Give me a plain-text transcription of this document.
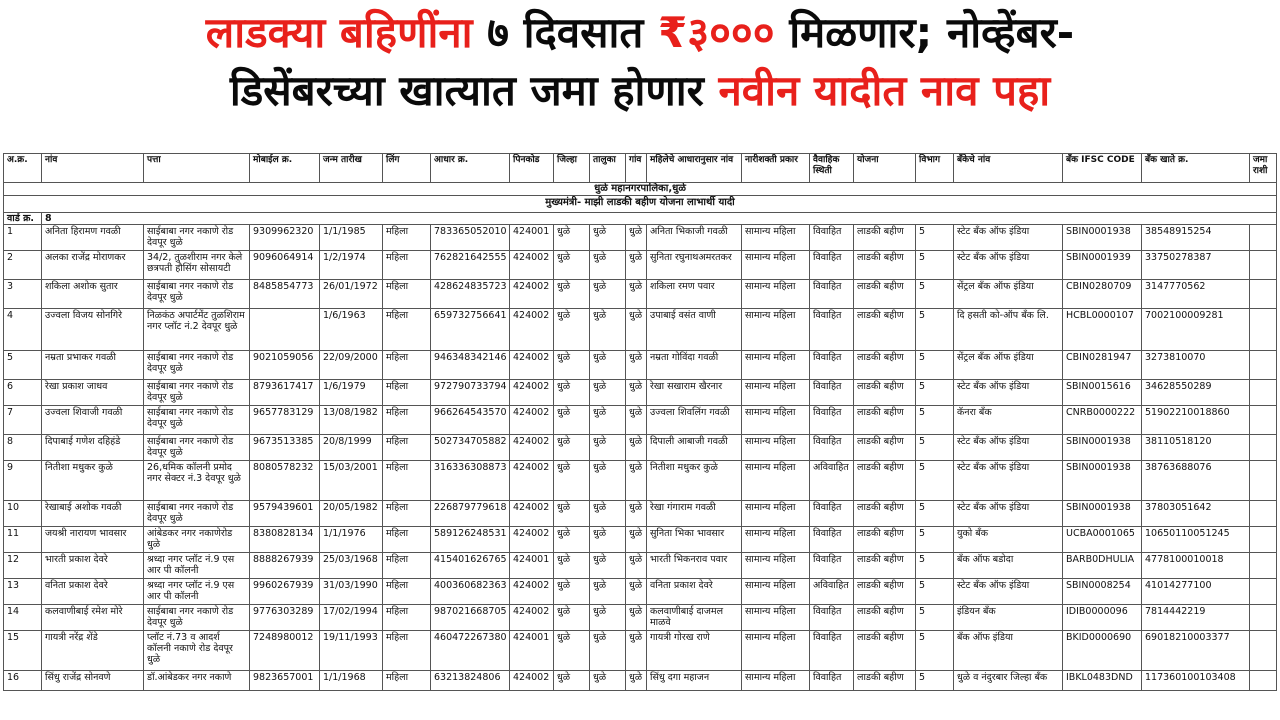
लाडक्या बहिणींना ७ दिवसात ₹३००० मिळणार; नोव्हेंबर-
डिसेंबरच्या खात्यात जमा होणार नवीन यादीत नाव पहा
धुळे महानगरपालिका,धुळे																			
मुख्यमंत्री- माझी लाडकी बहीण योजना लाभार्थी यादी																			
वार्ड क्र.	8																		
अ.क्र.	नांव	पत्ता	मोबाईल क्र.	जन्म तारीख	लिंग	आधार क्र.	पिनकोड	जिल्हा	तालुका	गांव	महिलेचे आधारानुसार नांव	नारीशक्ती प्रकार	वैवाहिक स्थिती	योजना	विभाग	बँकेचे नांव	बँक IFSC CODE	बँक खाते क्र.	जमा राशी
1	अनिता हिरामण गवळी	साईबाबा नगर नकाणे रोड देवपूर धुळे	9309962320	1/1/1985	महिला	783365052010	424001	धुळे	धुळे	धुळे	अनिता भिकाजी गवळी	सामान्य महिला	विवाहित	लाडकी बहीण	5	स्टेट बँक ऑफ इंडिया	SBIN0001938	38548915254	
2	अलका राजेंद्र मोराणकर	34/2, तुळशीराम नगर केले छत्रपती हौसिंग सोसायटी	9096064914	1/2/1974	महिला	762821642555	424002	धुळे	धुळे	धुळे	सुनिता रघुनाथअमरतकर	सामान्य महिला	विवाहित	लाडकी बहीण	5	स्टेट बँक ऑफ इंडिया	SBIN0001939	33750278387	
3	शकिला अशोक सुतार	साईबाबा नगर नकाणे रोड देवपूर धुळे	8485854773	26/01/1972	महिला	428624835723	424002	धुळे	धुळे	धुळे	शकिला रमण पवार	सामान्य महिला	विवाहित	लाडकी बहीण	5	सेंट्रल बँक ऑफ इंडिया	CBIN0280709	3147770562	
4	उज्वला विजय सोनगिरे	निळकंठ अपार्टमेंट तुळशिराम नगर प्लॉट नं.2 देवपूर धुळे		1/6/1963	महिला	659732756641	424002	धुळे	धुळे	धुळे	उपाबाई वसंत वाणी	सामान्य महिला	विवाहित	लाडकी बहीण	5	दि हसती को-ऑप बँक लि.	HCBL0000107	7002100009281	
5	नम्रता प्रभाकर गवळी	साईबाबा नगर नकाणे रोड देवपूर धुळे	9021059056	22/09/2000	महिला	946348342146	424002	धुळे	धुळे	धुळे	नम्रता गोविंदा गवळी	सामान्य महिला	विवाहित	लाडकी बहीण	5	सेंट्रल बँक ऑफ इंडिया	CBIN0281947	3273810070	
6	रेखा प्रकाश जाधव	साईबाबा नगर नकाणे रोड देवपूर धुळे	8793617417	1/6/1979	महिला	972790733794	424002	धुळे	धुळे	धुळे	रेखा सखाराम खैरनार	सामान्य महिला	विवाहित	लाडकी बहीण	5	स्टेट बँक ऑफ इंडिया	SBIN0015616	34628550289	
7	उज्वला शिवाजी गवळी	साईबाबा नगर नकाणे रोड देवपूर धुळे	9657783129	13/08/1982	महिला	966264543570	424002	धुळे	धुळे	धुळे	उज्वला शिवलिंग गवळी	सामान्य महिला	विवाहित	लाडकी बहीण	5	कॅनरा बँक	CNRB0000222	51902210018860	
8	दिपाबाई गणेश दहिहंडे	साईबाबा नगर नकाणे रोड देवपूर धुळे	9673513385	20/8/1999	महिला	502734705882	424002	धुळे	धुळे	धुळे	दिपाली आबाजी गवळी	सामान्य महिला	विवाहित	लाडकी बहीण	5	स्टेट बँक ऑफ इंडिया	SBIN0001938	38110518120	
9	नितीशा मधुकर कुळे	26,धमिक कॉलनी प्रमोद नगर सेक्टर नं.3 देवपूर धुळे	8080578232	15/03/2001	महिला	316336308873	424002	धुळे	धुळे	धुळे	नितीशा मधुकर कुळे	सामान्य महिला	अविवाहित	लाडकी बहीण	5	स्टेट बँक ऑफ इंडिया	SBIN0001938	38763688076	
10	रेखाबाई अशोक गवळी	साईबाबा नगर नकाणे रोड देवपूर धुळे	9579439601	20/05/1982	महिला	226879779618	424002	धुळे	धुळे	धुळे	रेखा गंगाराम गवळी	सामान्य महिला	विवाहित	लाडकी बहीण	5	स्टेट बँक ऑफ इंडिया	SBIN0001938	37803051642	
11	जयश्री नारायण भावसार	आंबेडकर नगर नकाणेरोड धुळे	8380828134	1/1/1976	महिला	589126248531	424002	धुळे	धुळे	धुळे	सुनिता भिका भावसार	सामान्य महिला	विवाहित	लाडकी बहीण	5	युको बँक	UCBA0001065	10650110051245	
12	भारती प्रकाश देवरे	श्रध्दा नगर प्लॉट नं.9 एस आर पी कॉलनी	8888267939	25/03/1968	महिला	415401626765	424001	धुळे	धुळे	धुळे	भारती भिकनराव पवार	सामान्य महिला	विवाहित	लाडकी बहीण	5	बँक ऑफ बडोदा	BARB0DHULIA	4778100010018	
13	वनिता प्रकाश देवरे	श्रध्दा नगर प्लॉट नं.9 एस आर पी कॉलनी	9960267939	31/03/1990	महिला	400360682363	424002	धुळे	धुळे	धुळे	वनिता प्रकाश देवरे	सामान्य महिला	अविवाहित	लाडकी बहीण	5	स्टेट बँक ऑफ इंडिया	SBIN0008254	41014277100	
14	कलवाणीबाई रमेश मोरे	साईबाबा नगर नकाणे रोड देवपूर धुळे	9776303289	17/02/1994	महिला	987021668705	424002	धुळे	धुळे	धुळे	कलवाणीबाई दाजमल माळवे	सामान्य महिला	विवाहित	लाडकी बहीण	5	इंडियन बँक	IDIB0000096	7814442219	
15	गायत्री नरेंद्र शेंडे	प्लॉट नं.73 व आदर्श कॉलनी नकाणे रोड देवपूर धुळे	7248980012	19/11/1993	महिला	460472267380	424001	धुळे	धुळे	धुळे	गायत्री गोरख राणे	सामान्य महिला	विवाहित	लाडकी बहीण	5	बँक ऑफ इंडिया	BKID0000690	69018210003377	
16	सिंधु राजेंद्र सोनवणे	डॉ.आंबेडकर नगर नकाणे	9823657001	1/1/1968	महिला	63213824806	424002	धुळे	धुळे	धुळे	सिंधु दगा महाजन	सामान्य महिला	विवाहित	लाडकी बहीण	5	धुळे व नंदुरबार जिल्हा बँक	IBKL0483DND	117360100103408	
